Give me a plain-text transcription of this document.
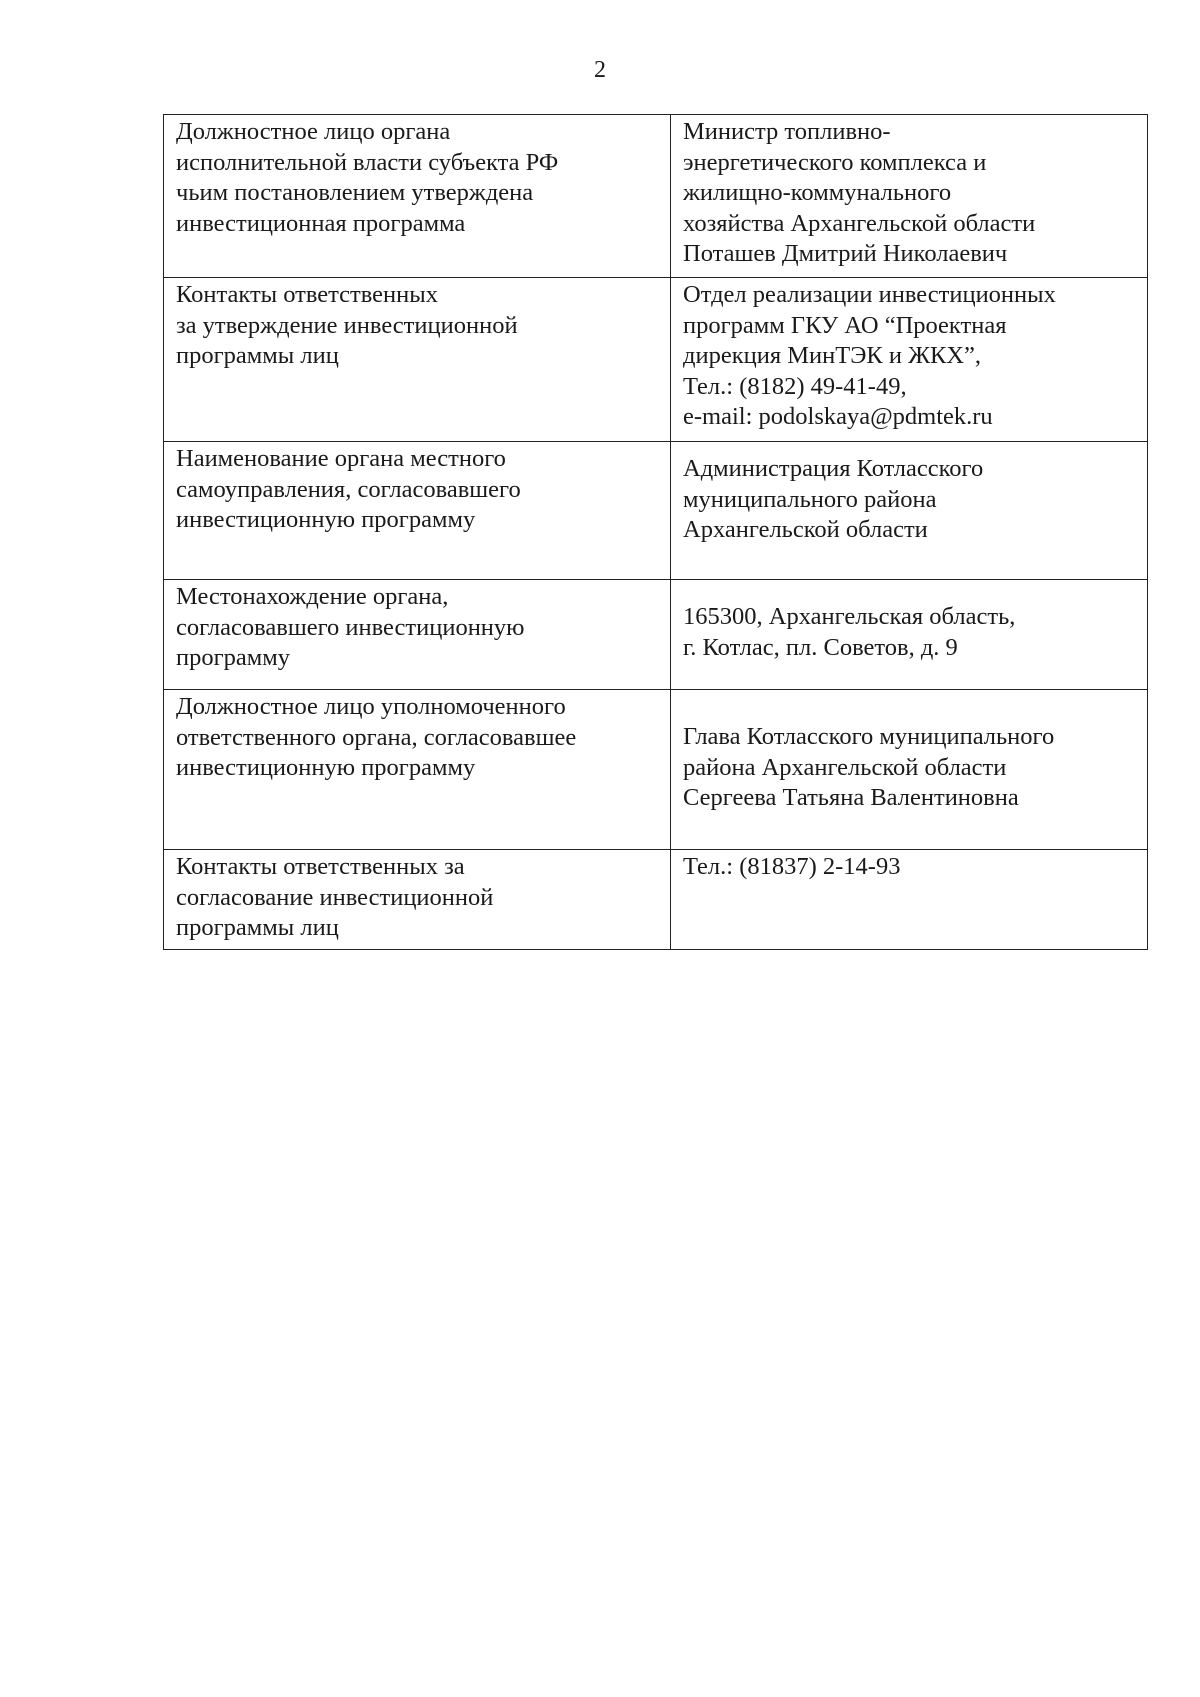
2
Должностное лицо органа
исполнительной власти субъекта РФ
чьим постановлением утверждена
инвестиционная программа	Министр топливно-
энергетического комплекса и
жилищно-коммунального
хозяйства Архангельской области
Поташев Дмитрий Николаевич

Контакты ответственных
за утверждение инвестиционной
программы лиц	Отдел реализации инвестиционных
программ ГКУ АО “Проектная
дирекция МинТЭК и ЖКХ”,
Тел.: (8182) 49-41-49,
e-mail: podolskaya@pdmtek.ru

Наименование органа местного
самоуправления, согласовавшего
инвестиционную программу	Администрация Котласского
муниципального района
Архангельской области

Местонахождение органа,
согласовавшего инвестиционную
программу	165300, Архангельская область,
г. Котлас, пл. Советов, д. 9

Должностное лицо уполномоченного
ответственного органа, согласовавшее
инвестиционную программу	Глава Котласского муниципального
района Архангельской области
Сергеева Татьяна Валентиновна

Контакты ответственных за
согласование инвестиционной
программы лиц	Тел.: (81837) 2-14-93
